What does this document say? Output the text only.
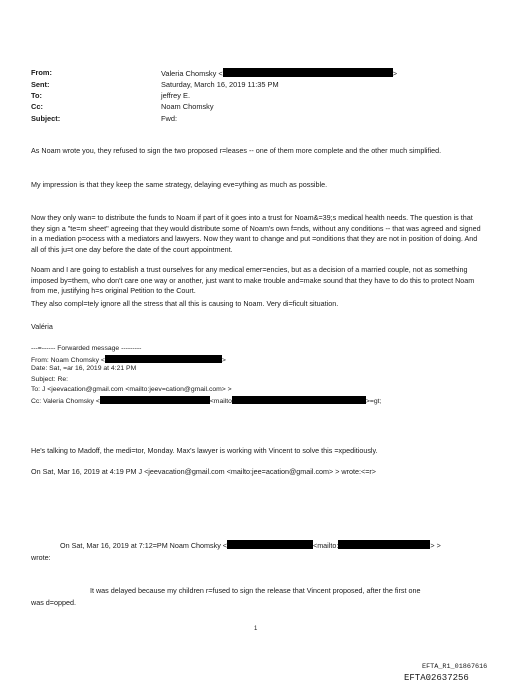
From:	Valeria Chomsky <	>
Sent:	Saturday, March 16, 2019 11:35 PM
To:	jeffrey E.
Cc:	Noam Chomsky
Subject:	Fwd:
As Noam wrote you, they refused to sign the two proposed r=leases -- one of them more complete and the other much simplified.
My impression is that they keep the same strategy, delaying eve=ything as much as possible.
Now they only wan= to distribute the funds to Noam if part of it goes into a trust for Noam&=39;s medical health needs. The question is that they sign a "te=m sheet" agreeing that they would distribute some of Noam's own f=nds, without any conditions -- that was agreed and signed in a mediation p=ocess with a mediators and lawyers. Now they want to change and put =onditions that they are not in position of doing. And all of this ju=t one day before the date of the court appointment.
Noam and I are going to establish a trust ourselves for any medical emer=encies, but as a decision of a married couple, not as something imposed by=them, who don't care one way or another, just want to make trouble and=make sound that they have to do this to protect Noam from me, justifying h=s original Petition to the Court.
They also compl=tely ignore all the stress that all this is causing to Noam. Very di=ficult situation.
Valéria
---=------ Forwarded message ---------
From: Noam Chomsky <	>
Date: Sat, =ar 16, 2019 at 4:21 PM
Subject: Re:
To: J <jeevacation@gmail.com <mailto:jeev=cation@gmail.com> >
Cc: Valeria Chomsky <	<mailto	>=gt;
He's talking to Madoff, the medi=tor, Monday. Max's lawyer is working with Vincent to solve this =xpeditiously.
On Sat, Mar 16, 2019 at 4:19 PM J <jeevacation@gmail.com <mailto:jee=acation@gmail.com> > wrote:<=r>
On Sat, Mar 16, 2019 at 7:12=PM Noam Chomsky <	<mailto:	> >
wrote:
It was delayed because my children r=fused to sign the release that Vincent proposed, after the first one
was d=opped.
1
EFTA_R1_01867616
EFTA02637256
